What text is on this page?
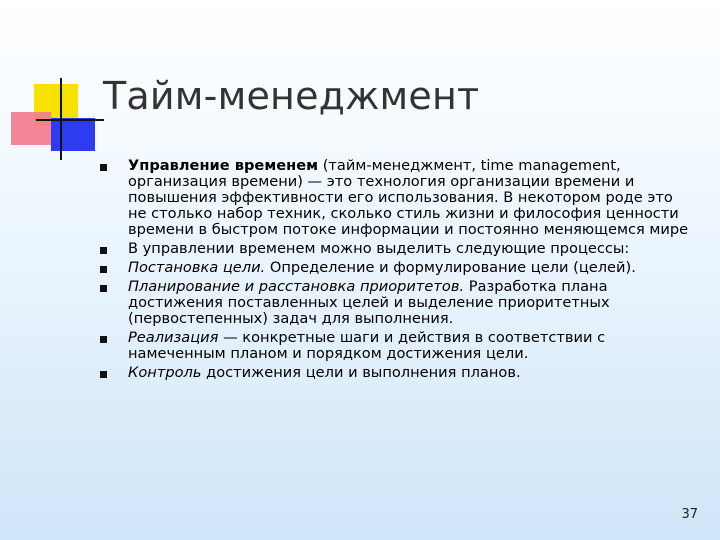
Тайм-менеджмент
Управление временем (тайм-менеджмент, time management, организация времени) — это технология организации времени и повышения эффективности его использования. В некотором роде это не столько набор техник, сколько стиль жизни и философия ценности времени в быстром потоке информации и постоянно меняющемся мире
В управлении временем можно выделить следующие процессы:
Постановка цели. Определение и формулирование цели (целей).
Планирование и расстановка приоритетов. Разработка плана достижения поставленных целей и выделение приоритетных (первостепенных) задач для выполнения.
Реализация — конкретные шаги и действия в соответствии с намеченным планом и порядком достижения цели.
Контроль достижения цели и выполнения планов.
37
